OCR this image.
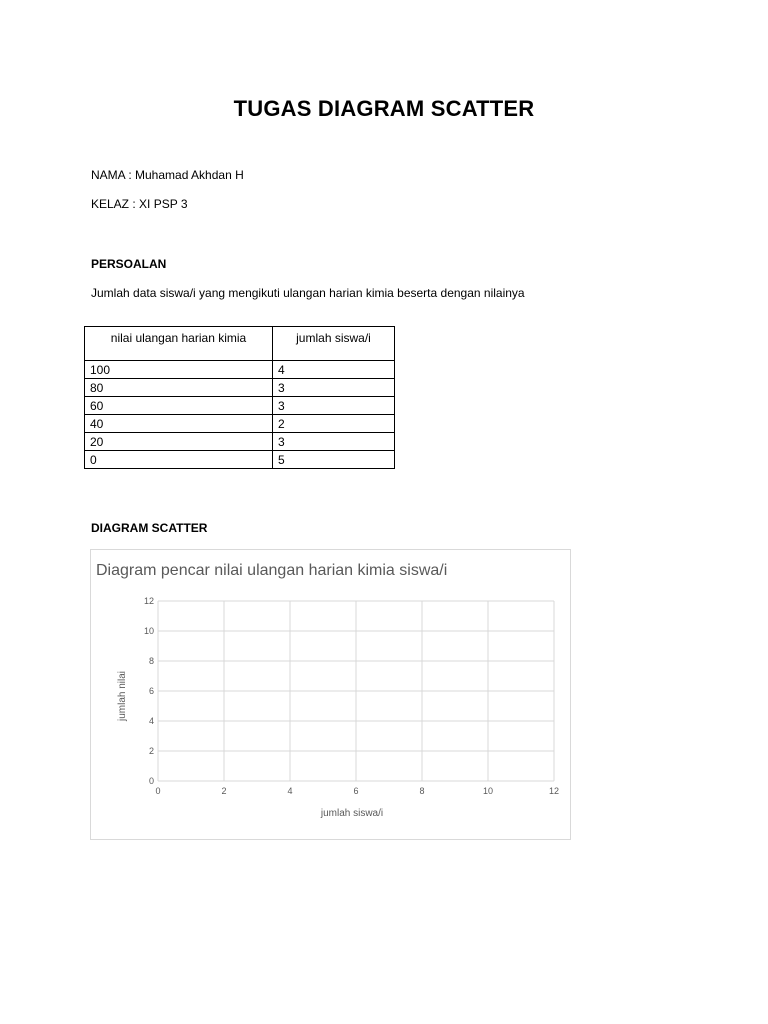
TUGAS DIAGRAM SCATTER
NAMA : Muhamad Akhdan H
KELAZ : XI PSP 3
PERSOALAN
Jumlah data siswa/i yang mengikuti ulangan harian kimia beserta dengan nilainya
nilai ulangan harian kimia	jumlah siswa/i
100	4
80	3
60	3
40	2
20	3
0	5
DIAGRAM SCATTER
Diagram pencar nilai ulangan harian kimia siswa/i
0	2	4	6	8	10	12
0
2
4
6
8
10
12
jumlah siswa/i
jumlah nilai
